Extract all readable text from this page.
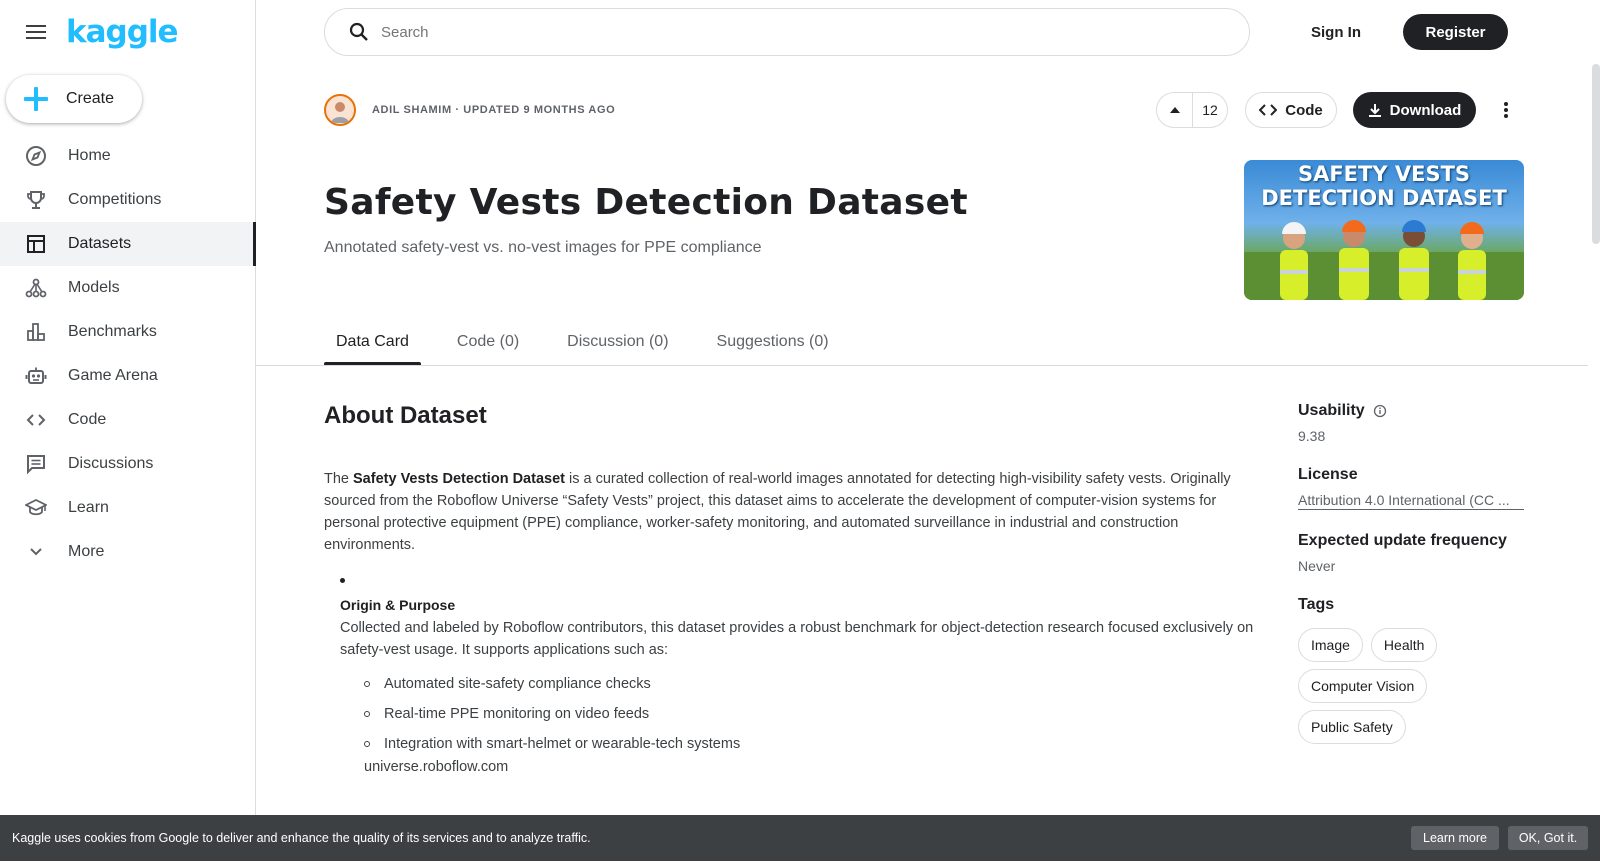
kaggle
Create
Home
Competitions
Datasets
Models
Benchmarks
Game Arena
Code
Discussions
Learn
More
Search
Sign In	Register
ADIL SHAMIM · UPDATED 9 MONTHS AGO	12	Code	Download
Safety Vests Detection Dataset
Annotated safety-vest vs. no-vest images for PPE compliance
SAFETY VESTS
DETECTION DATASET
Data Card	Code (0)	Discussion (0)	Suggestions (0)
About Dataset

The Safety Vests Detection Dataset is a curated collection of real-world images annotated for detecting high-visibility safety vests. Originally sourced from the Roboflow Universe “Safety Vests” project, this dataset aims to accelerate the development of computer-vision systems for personal protective equipment (PPE) compliance, worker-safety monitoring, and automated surveillance in industrial and construction environments.

Origin & Purpose
Collected and labeled by Roboflow contributors, this dataset provides a robust benchmark for object-detection research focused exclusively on safety-vest usage. It supports applications such as:
Automated site-safety compliance checks
Real-time PPE monitoring on video feeds
Integration with smart-helmet or wearable-tech systems
universe.roboflow.com
Usability
9.38
License
Attribution 4.0 International (CC ...
Expected update frequency
Never
Tags
Image	Health
Computer Vision
Public Safety
Kaggle uses cookies from Google to deliver and enhance the quality of its services and to analyze traffic.	Learn more	OK, Got it.
